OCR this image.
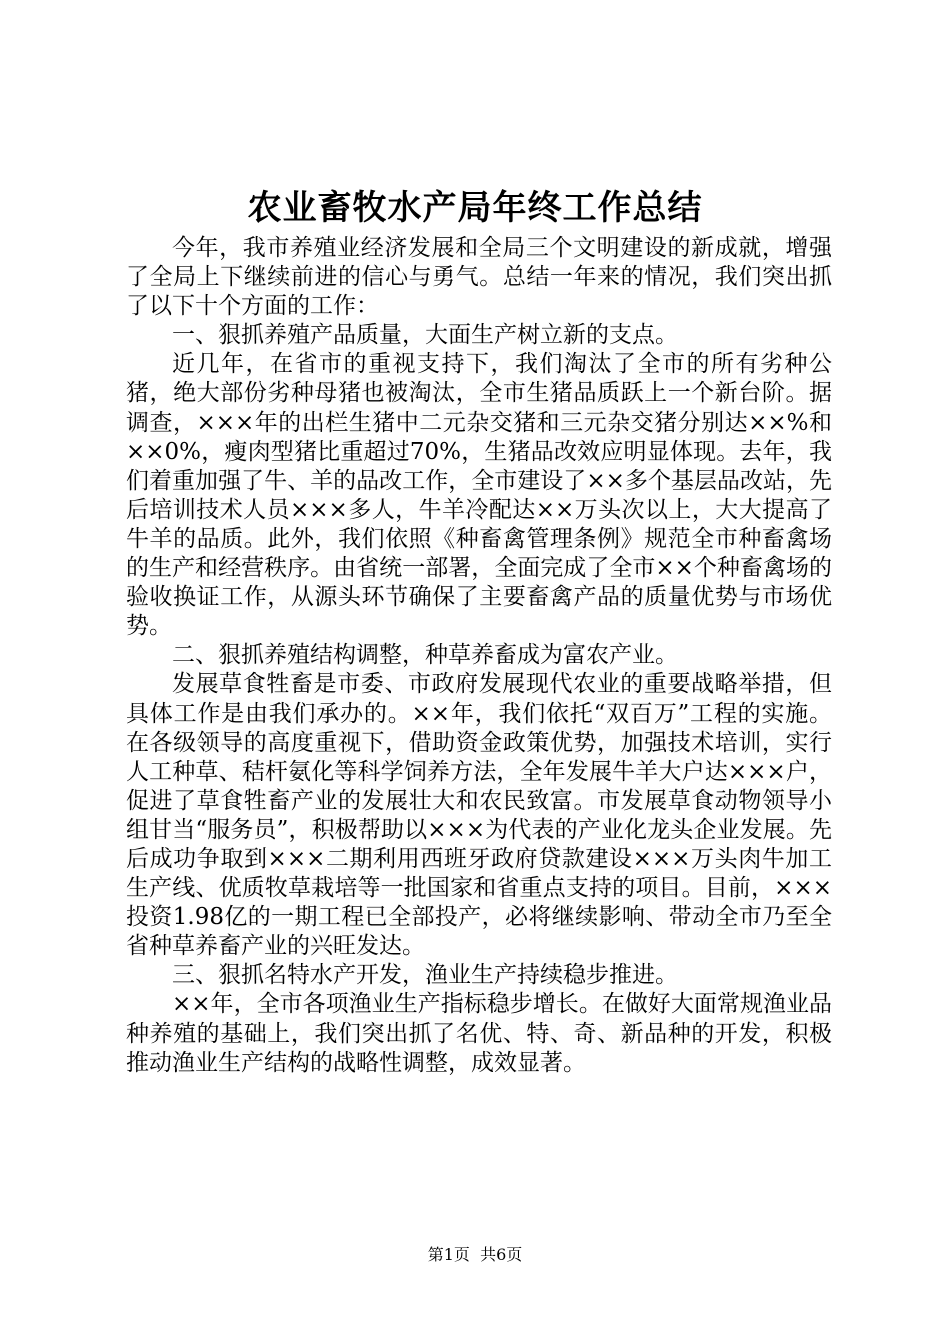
农业畜牧水产局年终工作总结

今年，我市养殖业经济发展和全局三个文明建设的新成就，增强了全局上下继续前进的信心与勇气。总结一年来的情况，我们突出抓了以下十个方面的工作：

一、狠抓养殖产品质量，大面生产树立新的支点。

近几年，在省市的重视支持下，我们淘汰了全市的所有劣种公猪，绝大部份劣种母猪也被淘汰，全市生猪品质跃上一个新台阶。据调查，×××年的出栏生猪中二元杂交猪和三元杂交猪分别达××%和××0%，瘦肉型猪比重超过70%，生猪品改效应明显体现。去年，我们着重加强了牛、羊的品改工作，全市建设了××多个基层品改站，先后培训技术人员×××多人，牛羊冷配达××万头次以上，大大提高了牛羊的品质。此外，我们依照《种畜禽管理条例》规范全市种畜禽场的生产和经营秩序。由省统一部署，全面完成了全市××个种畜禽场的验收换证工作，从源头环节确保了主要畜禽产品的质量优势与市场优势。

二、狠抓养殖结构调整，种草养畜成为富农产业。

发展草食牲畜是市委、市政府发展现代农业的重要战略举措，但具体工作是由我们承办的。××年，我们依托“双百万”工程的实施。在各级领导的高度重视下，借助资金政策优势，加强技术培训，实行人工种草、秸杆氨化等科学饲养方法，全年发展牛羊大户达×××户，促进了草食牲畜产业的发展壮大和农民致富。市发展草食动物领导小组甘当“服务员”，积极帮助以×××为代表的产业化龙头企业发展。先后成功争取到×××二期利用西班牙政府贷款建设×××万头肉牛加工生产线、优质牧草栽培等一批国家和省重点支持的项目。目前，×××投资1.98亿的一期工程已全部投产，必将继续影响、带动全市乃至全省种草养畜产业的兴旺发达。

三、狠抓名特水产开发，渔业生产持续稳步推进。

××年，全市各项渔业生产指标稳步增长。在做好大面常规渔业品种养殖的基础上，我们突出抓了名优、特、奇、新品种的开发，积极推动渔业生产结构的战略性调整，成效显著。

第1页  共6页
